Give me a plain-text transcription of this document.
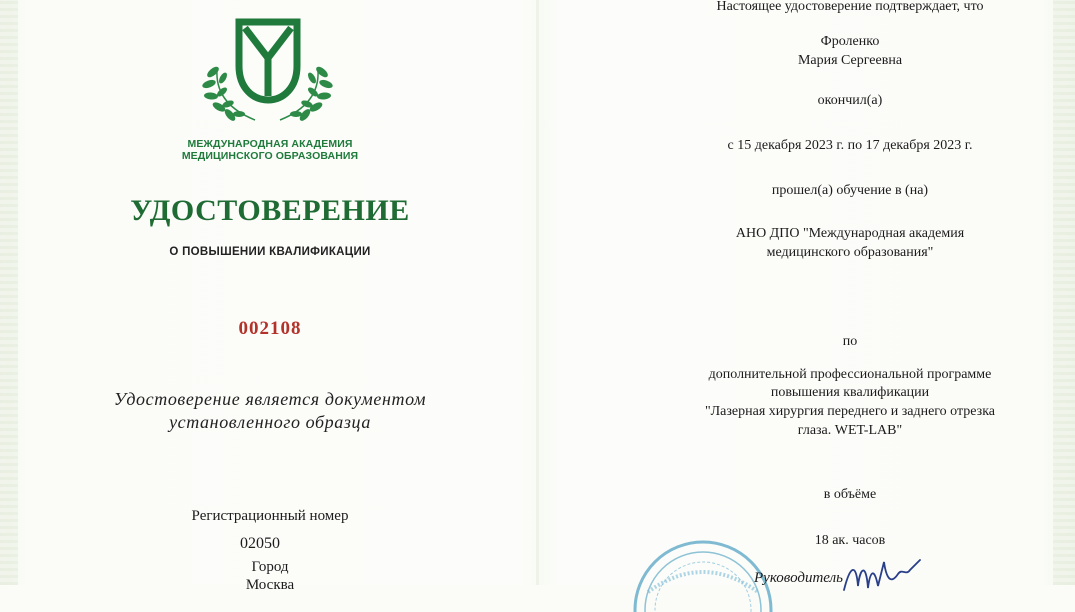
МЕЖДУНАРОДНАЯ АКАДЕМИЯ
МЕДИЦИНСКОГО ОБРАЗОВАНИЯ
УДОСТОВЕРЕНИЕ
О ПОВЫШЕНИИ КВАЛИФИКАЦИИ
002108
Удостоверение является документом
установленного образца
Регистрационный номер
02050
Город
Москва
Настоящее удостоверение подтверждает, что
Фроленко
Мария Сергеевна
окончил(а)
с 15 декабря 2023 г. по 17 декабря 2023 г.
прошел(а) обучение в (на)
АНО ДПО "Международная академия
медицинского образования"
по
дополнительной профессиональной программе
повышения квалификации
"Лазерная хирургия переднего и заднего отрезка
глаза. WET-LAB"
в объёме
18 ак. часов
Руководитель
